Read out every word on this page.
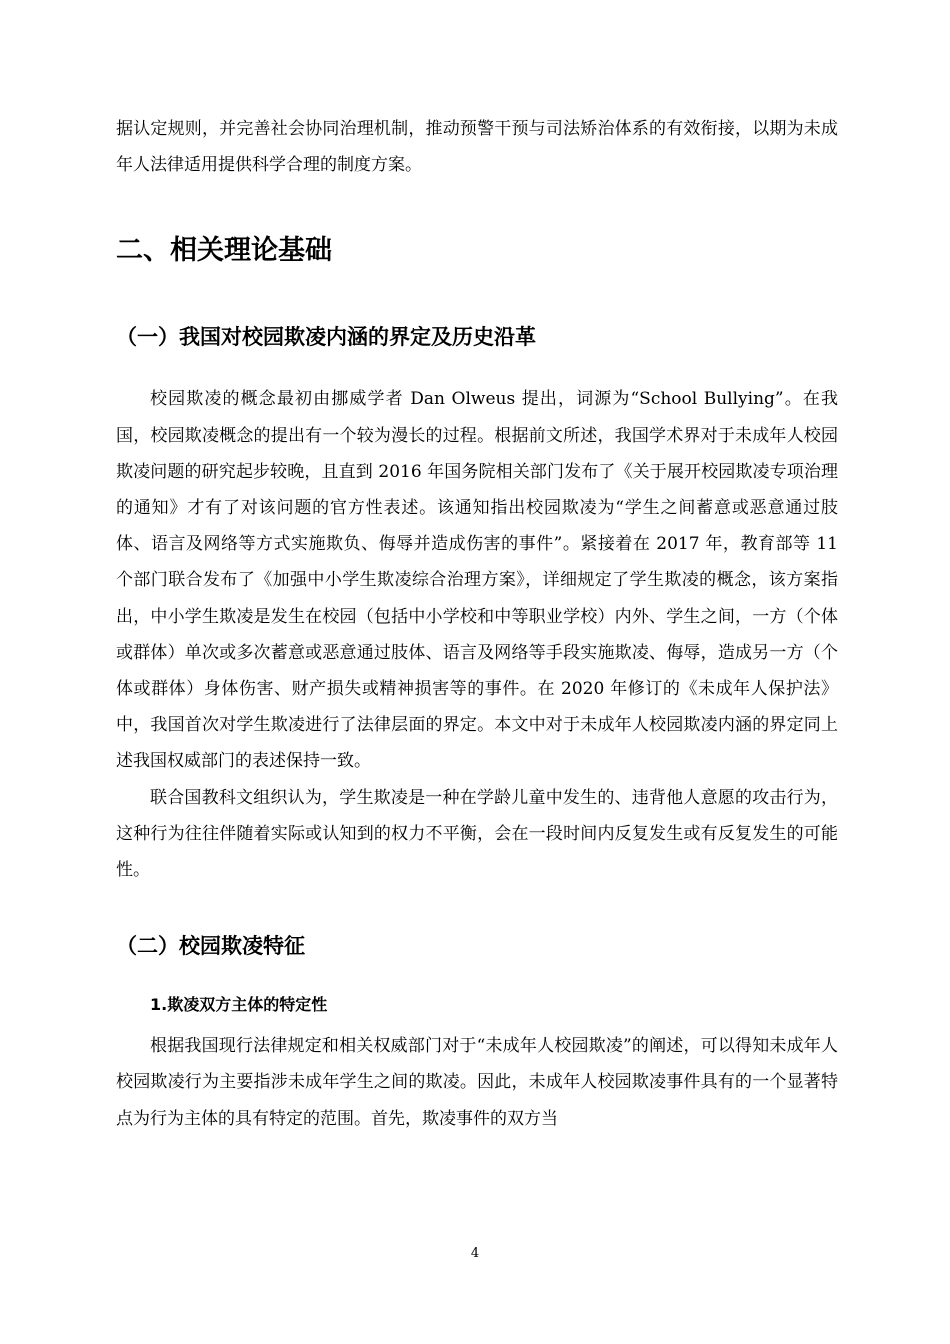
据认定规则，并完善社会协同治理机制，推动预警干预与司法矫治体系的有效衔接，以期为未成年人法律适用提供科学合理的制度方案。

二、相关理论基础
（一）我国对校园欺凌内涵的界定及历史沿革

校园欺凌的概念最初由挪威学者 Dan Olweus 提出，词源为“School Bullying”。在我国，校园欺凌概念的提出有一个较为漫长的过程。根据前文所述，我国学术界对于未成年人校园欺凌问题的研究起步较晚，且直到 2016 年国务院相关部门发布了《关于展开校园欺凌专项治理的通知》才有了对该问题的官方性表述。该通知指出校园欺凌为“学生之间蓄意或恶意通过肢体、语言及网络等方式实施欺负、侮辱并造成伤害的事件”。紧接着在 2017 年，教育部等 11 个部门联合发布了《加强中小学生欺凌综合治理方案》，详细规定了学生欺凌的概念，该方案指出，中小学生欺凌是发生在校园（包括中小学校和中等职业学校）内外、学生之间，一方（个体或群体）单次或多次蓄意或恶意通过肢体、语言及网络等手段实施欺凌、侮辱，造成另一方（个体或群体）身体伤害、财产损失或精神损害等的事件。在 2020 年修订的《未成年人保护法》中，我国首次对学生欺凌进行了法律层面的界定。本文中对于未成年人校园欺凌内涵的界定同上述我国权威部门的表述保持一致。

联合国教科文组织认为，学生欺凌是一种在学龄儿童中发生的、违背他人意愿的攻击行为，这种行为往往伴随着实际或认知到的权力不平衡，会在一段时间内反复发生或有反复发生的可能性。

（二）校园欺凌特征
1.欺凌双方主体的特定性

根据我国现行法律规定和相关权威部门对于“未成年人校园欺凌”的阐述，可以得知未成年人校园欺凌行为主要指涉未成年学生之间的欺凌。因此，未成年人校园欺凌事件具有的一个显著特点为行为主体的具有特定的范围。首先，欺凌事件的双方当

4
